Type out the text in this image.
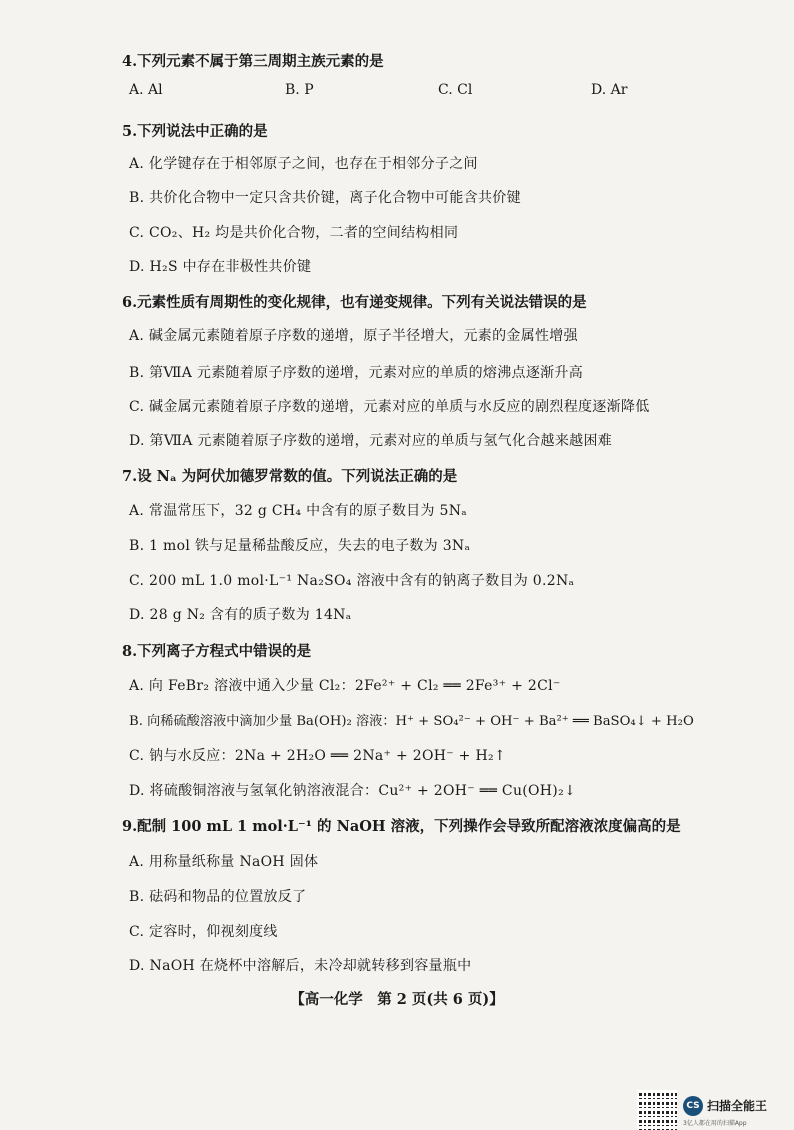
4.下列元素不属于第三周期主族元素的是
A. Al	B. P	C. Cl	D. Ar
5.下列说法中正确的是
A. 化学键存在于相邻原子之间，也存在于相邻分子之间
B. 共价化合物中一定只含共价键，离子化合物中可能含共价键
C. CO₂、H₂ 均是共价化合物，二者的空间结构相同
D. H₂S 中存在非极性共价键
6.元素性质有周期性的变化规律，也有递变规律。下列有关说法错误的是
A. 碱金属元素随着原子序数的递增，原子半径增大，元素的金属性增强
B. 第ⅦA 元素随着原子序数的递增，元素对应的单质的熔沸点逐渐升高
C. 碱金属元素随着原子序数的递增，元素对应的单质与水反应的剧烈程度逐渐降低
D. 第ⅦA 元素随着原子序数的递增，元素对应的单质与氢气化合越来越困难
7.设 Nₐ 为阿伏加德罗常数的值。下列说法正确的是
A. 常温常压下，32 g CH₄ 中含有的原子数目为 5Nₐ
B. 1 mol 铁与足量稀盐酸反应，失去的电子数为 3Nₐ
C. 200 mL 1.0 mol·L⁻¹ Na₂SO₄ 溶液中含有的钠离子数目为 0.2Nₐ
D. 28 g N₂ 含有的质子数为 14Nₐ
8.下列离子方程式中错误的是
A. 向 FeBr₂ 溶液中通入少量 Cl₂：2Fe²⁺ + Cl₂ ══ 2Fe³⁺ + 2Cl⁻
B. 向稀硫酸溶液中滴加少量 Ba(OH)₂ 溶液：H⁺ + SO₄²⁻ + OH⁻ + Ba²⁺ ══ BaSO₄↓ + H₂O
C. 钠与水反应：2Na + 2H₂O ══ 2Na⁺ + 2OH⁻ + H₂↑
D. 将硫酸铜溶液与氢氧化钠溶液混合：Cu²⁺ + 2OH⁻ ══ Cu(OH)₂↓
9.配制 100 mL 1 mol·L⁻¹ 的 NaOH 溶液，下列操作会导致所配溶液浓度偏高的是
A. 用称量纸称量 NaOH 固体
B. 砝码和物品的位置放反了
C. 定容时，仰视刻度线
D. NaOH 在烧杯中溶解后，未冷却就转移到容量瓶中
【高一化学　第 2 页(共 6 页)】
CS 扫描全能王
3亿人都在用的扫描App
